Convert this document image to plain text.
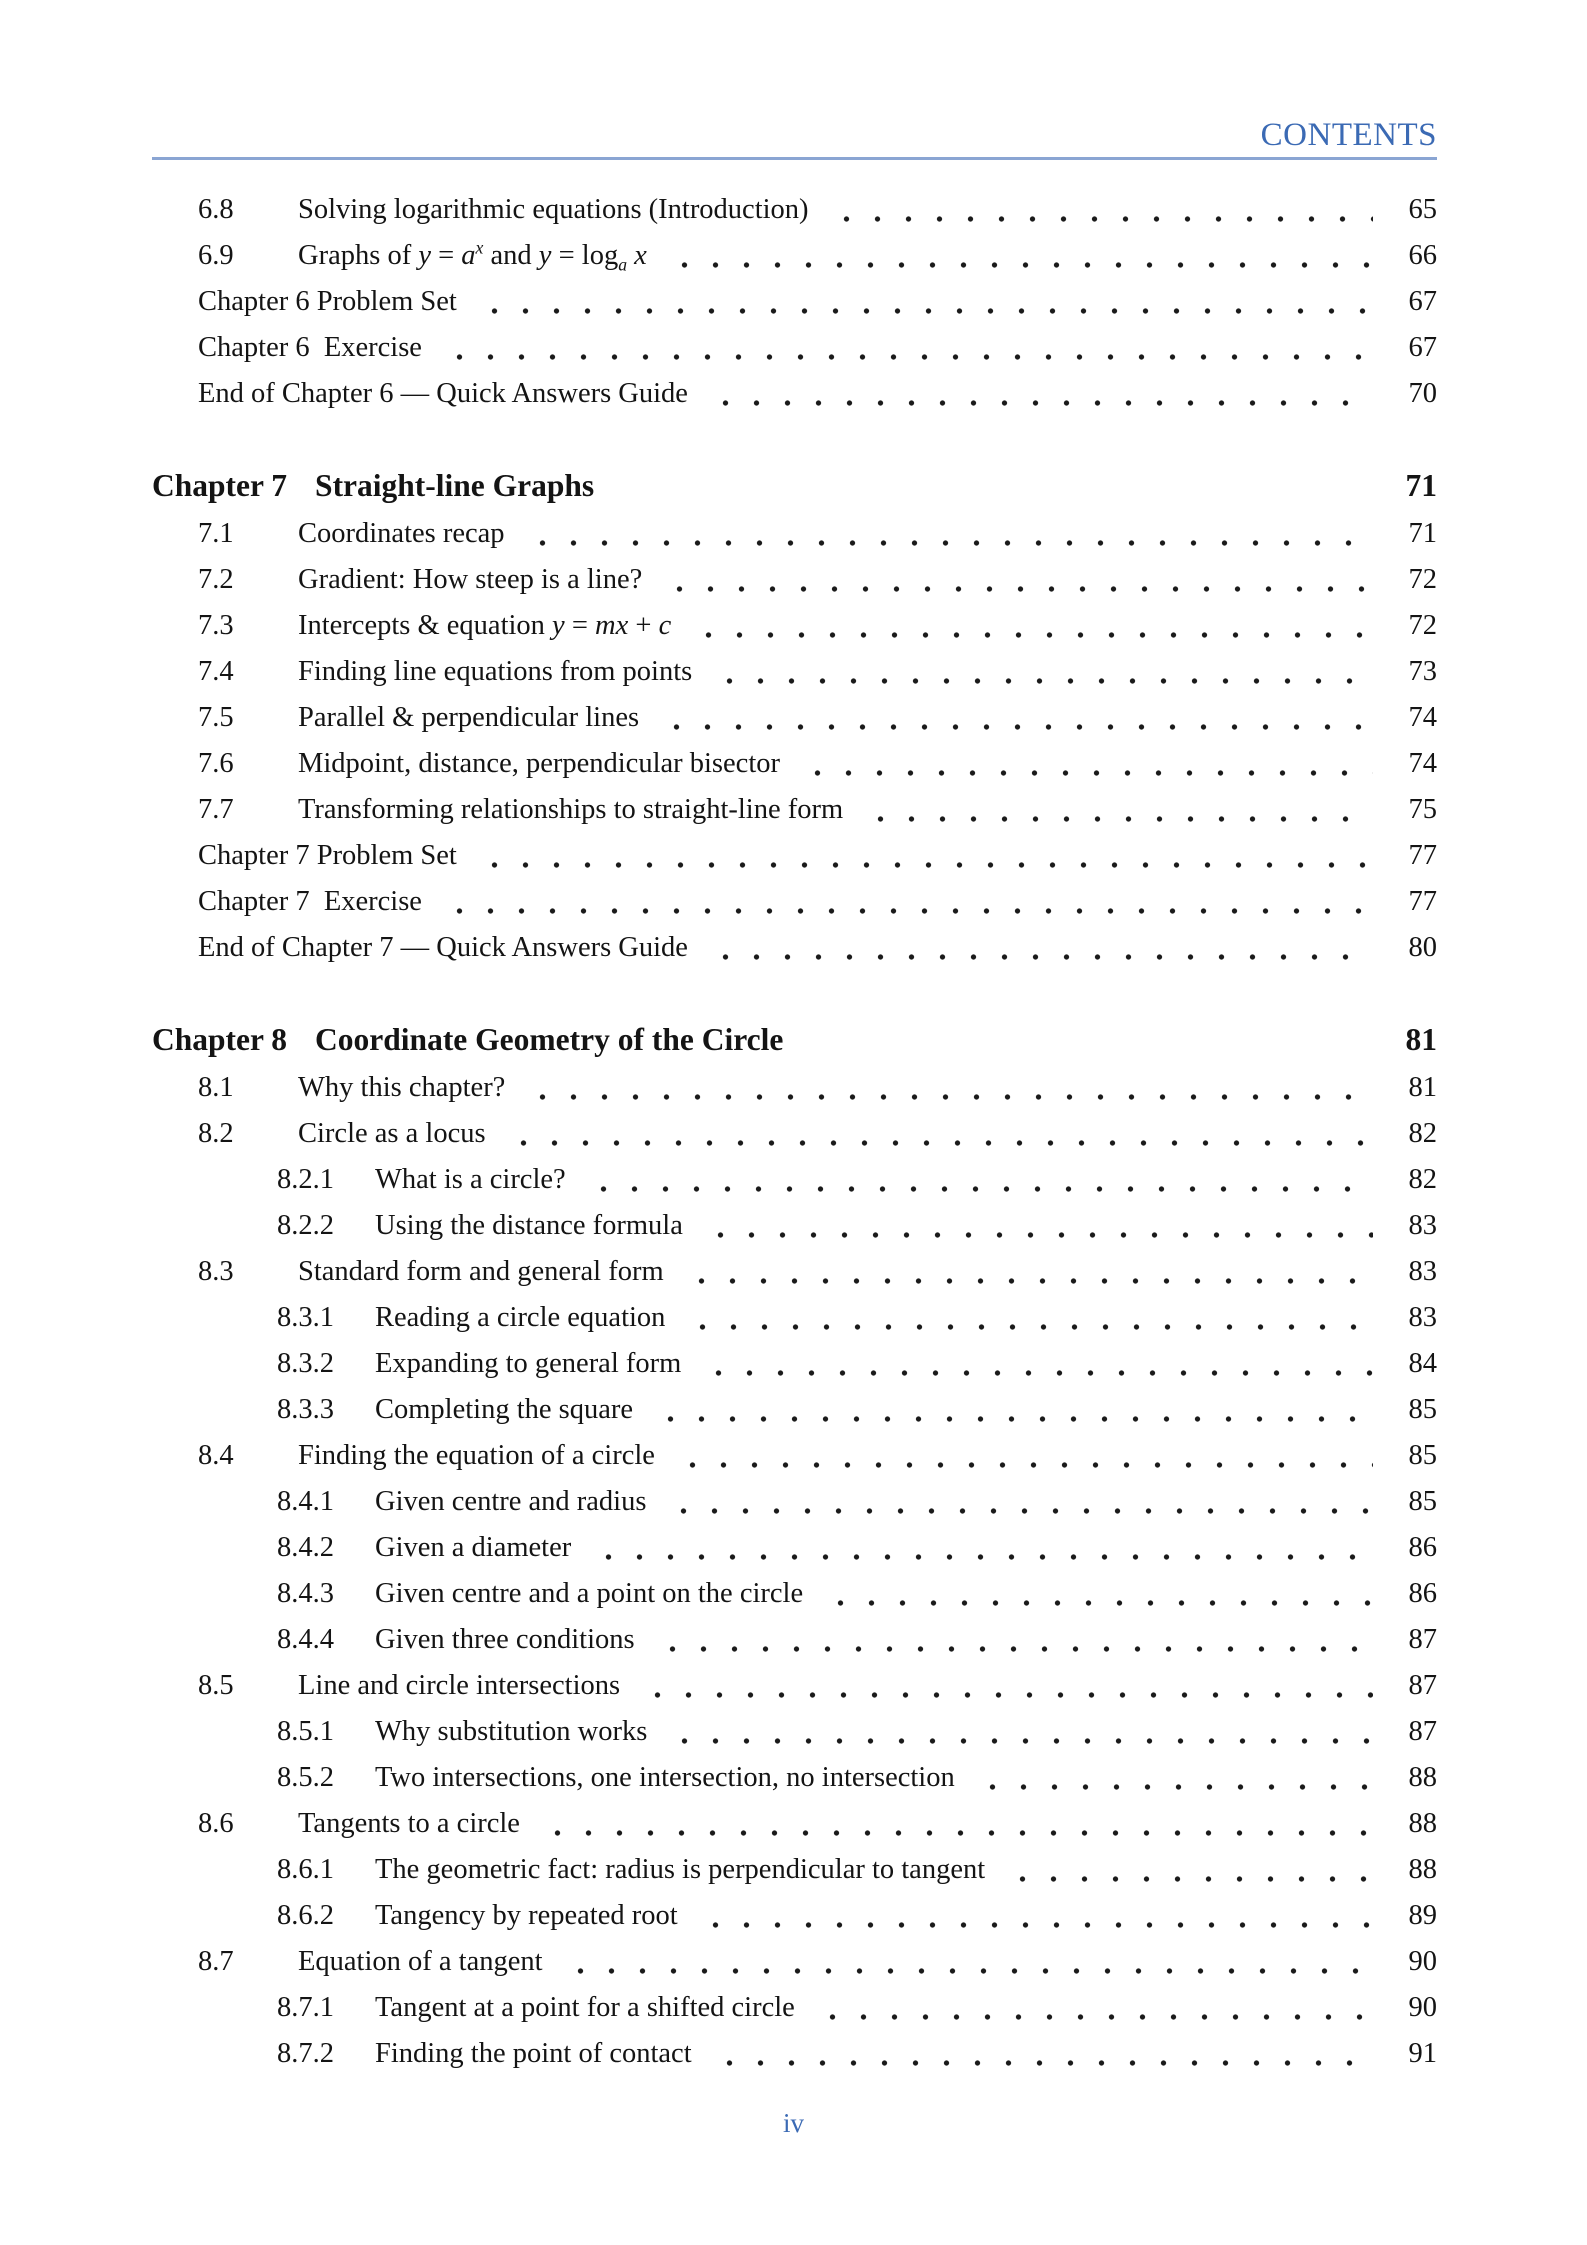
CONTENTS
6.8	Solving logarithmic equations (Introduction)	65
6.9	Graphs of $y = a^x$ and $y = \log_a x$	66
Chapter 6 Problem Set	67
Chapter 6  Exercise	67
End of Chapter 6 — Quick Answers Guide	70
Chapter 7 Straight-line Graphs	71
7.1	Coordinates recap	71
7.2	Gradient: How steep is a line?	72
7.3	Intercepts & equation y = mx + c	72
7.4	Finding line equations from points	73
7.5	Parallel & perpendicular lines	74
7.6	Midpoint, distance, perpendicular bisector	74
7.7	Transforming relationships to straight-line form	75
Chapter 7 Problem Set	77
Chapter 7  Exercise	77
End of Chapter 7 — Quick Answers Guide	80
Chapter 8 Coordinate Geometry of the Circle	81
8.1	Why this chapter?	81
8.2	Circle as a locus	82
8.2.1	What is a circle?	82
8.2.2	Using the distance formula	83
8.3	Standard form and general form	83
8.3.1	Reading a circle equation	83
8.3.2	Expanding to general form	84
8.3.3	Completing the square	85
8.4	Finding the equation of a circle	85
8.4.1	Given centre and radius	85
8.4.2	Given a diameter	86
8.4.3	Given centre and a point on the circle	86
8.4.4	Given three conditions	87
8.5	Line and circle intersections	87
8.5.1	Why substitution works	87
8.5.2	Two intersections, one intersection, no intersection	88
8.6	Tangents to a circle	88
8.6.1	The geometric fact: radius is perpendicular to tangent	88
8.6.2	Tangency by repeated root	89
8.7	Equation of a tangent	90
8.7.1	Tangent at a point for a shifted circle	90
8.7.2	Finding the point of contact	91
iv
